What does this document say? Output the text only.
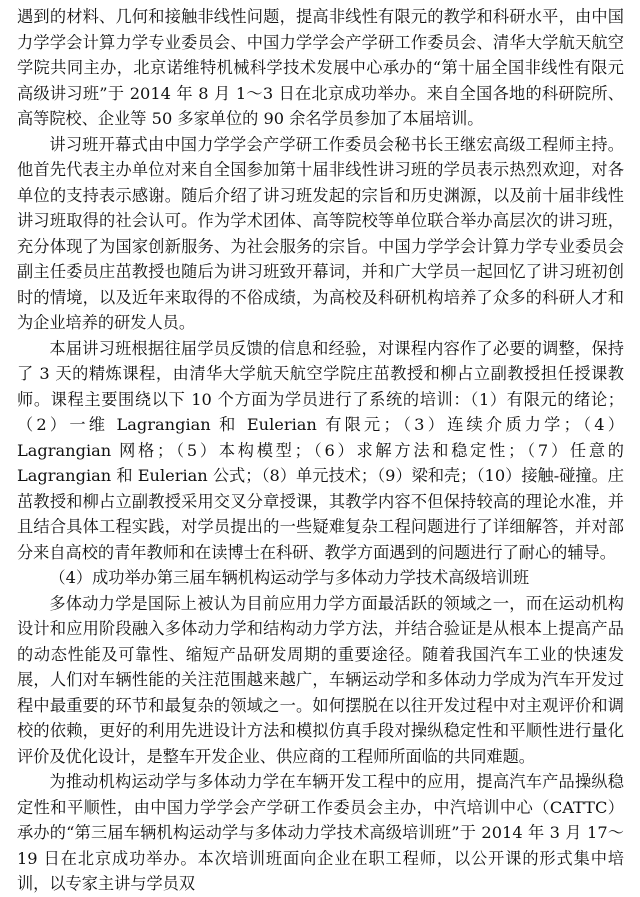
遇到的材料、几何和接触非线性问题，提高非线性有限元的教学和科研水平，由中国力学学会计算力学专业委员会、中国力学学会产学研工作委员会、清华大学航天航空学院共同主办，北京诺维特机械科学技术发展中心承办的“第十届全国非线性有限元高级讲习班”于 2014 年 8 月 1～3 日在北京成功举办。来自全国各地的科研院所、高等院校、企业等 50 多家单位的 90 余名学员参加了本届培训。

讲习班开幕式由中国力学学会产学研工作委员会秘书长王继宏高级工程师主持。他首先代表主办单位对来自全国参加第十届非线性讲习班的学员表示热烈欢迎，对各单位的支持表示感谢。随后介绍了讲习班发起的宗旨和历史渊源，以及前十届非线性讲习班取得的社会认可。作为学术团体、高等院校等单位联合举办高层次的讲习班，充分体现了为国家创新服务、为社会服务的宗旨。中国力学学会计算力学专业委员会副主任委员庄茁教授也随后为讲习班致开幕词，并和广大学员一起回忆了讲习班初创时的情境，以及近年来取得的不俗成绩，为高校及科研机构培养了众多的科研人才和为企业培养的研发人员。

本届讲习班根据往届学员反馈的信息和经验，对课程内容作了必要的调整，保持了 3 天的精炼课程，由清华大学航天航空学院庄茁教授和柳占立副教授担任授课教师。课程主要围绕以下 10 个方面为学员进行了系统的培训：（1）有限元的绪论；（2）一维 Lagrangian 和 Eulerian 有限元；（3）连续介质力学；（4）Lagrangian 网格；（5）本构模型；（6）求解方法和稳定性；（7）任意的 Lagrangian 和 Eulerian 公式；（8）单元技术；（9）梁和壳；（10）接触-碰撞。庄茁教授和柳占立副教授采用交叉分章授课，其教学内容不但保持较高的理论水准，并且结合具体工程实践，对学员提出的一些疑难复杂工程问题进行了详细解答，并对部分来自高校的青年教师和在读博士在科研、教学方面遇到的问题进行了耐心的辅导。

（4）成功举办第三届车辆机构运动学与多体动力学技术高级培训班

多体动力学是国际上被认为目前应用力学方面最活跃的领域之一，而在运动机构设计和应用阶段融入多体动力学和结构动力学方法，并结合验证是从根本上提高产品的动态性能及可靠性、缩短产品研发周期的重要途径。随着我国汽车工业的快速发展，人们对车辆性能的关注范围越来越广，车辆运动学和多体动力学成为汽车开发过程中最重要的环节和最复杂的领域之一。如何摆脱在以往开发过程中对主观评价和调校的依赖，更好的利用先进设计方法和模拟仿真手段对操纵稳定性和平顺性进行量化评价及优化设计，是整车开发企业、供应商的工程师所面临的共同难题。

为推动机构运动学与多体动力学在车辆开发工程中的应用，提高汽车产品操纵稳定性和平顺性，由中国力学学会产学研工作委员会主办，中汽培训中心（CATTC）承办的“第三届车辆机构运动学与多体动力学技术高级培训班”于 2014 年 3 月 17～19 日在北京成功举办。本次培训班面向企业在职工程师，以公开课的形式集中培训，以专家主讲与学员双
